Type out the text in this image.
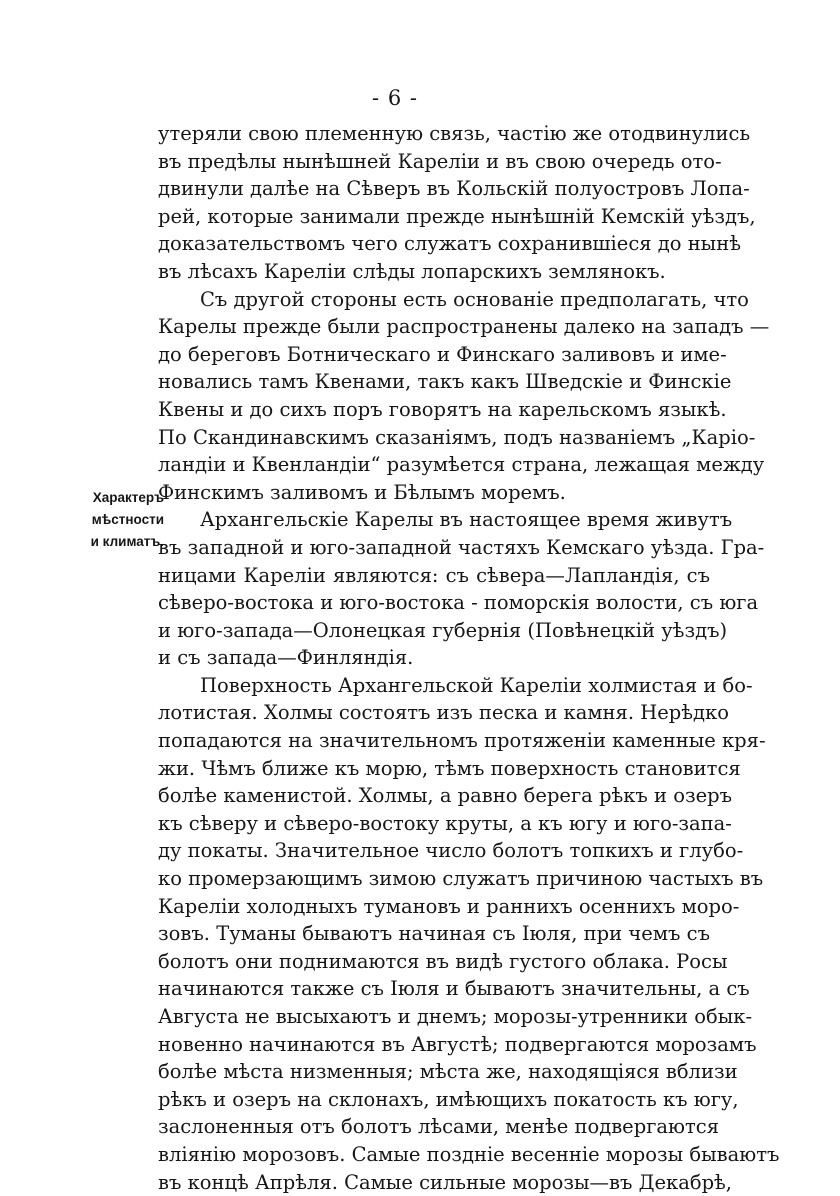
- 6 -
Характеръ
мѣстности
и климатъ.
утеряли свою племенную связь, частію же отодвинулись
въ предѣлы нынѣшней Кареліи и въ свою очередь ото-
двинули далѣе на Сѣверъ въ Кольскій полуостровъ Лопа-
рей, которые занимали прежде нынѣшній Кемскій уѣздъ,
доказательствомъ чего служатъ сохранившіеся до нынѣ
въ лѣсахъ Кареліи слѣды лопарскихъ землянокъ.
Съ другой стороны есть основаніе предполагать, что
Карелы прежде были распространены далеко на западъ —
до береговъ Ботническаго и Финскаго заливовъ и име-
новались тамъ Квенами, такъ какъ Шведскіе и Финскіе
Квены и до сихъ поръ говорятъ на карельскомъ языкѣ.
По Скандинавскимъ сказаніямъ, подъ названіемъ „Каріо-
ландіи и Квенландіи“ разумѣется страна, лежащая между
Финскимъ заливомъ и Бѣлымъ моремъ.
Архангельскіе Карелы въ настоящее время живутъ
въ западной и юго-западной частяхъ Кемскаго уѣзда. Гра-
ницами Кареліи являются: съ сѣвера—Лапландія, съ
сѣверо-востока и юго-востока - поморскія волости, съ юга
и юго-запада—Олонецкая губернія (Повѣнецкій уѣздъ)
и съ запада—Финляндія.
Поверхность Архангельской Кареліи холмистая и бо-
лотистая. Холмы состоятъ изъ песка и камня. Нерѣдко
попадаются на значительномъ протяженіи каменные кря-
жи. Чѣмъ ближе къ морю, тѣмъ поверхность становится
болѣе каменистой. Холмы, а равно берега рѣкъ и озеръ
къ сѣверу и сѣверо-востоку круты, а къ югу и юго-запа-
ду покаты. Значительное число болотъ топкихъ и глубо-
ко промерзающимъ зимою служатъ причиною частыхъ въ
Кареліи холодныхъ тумановъ и раннихъ осеннихъ моро-
зовъ. Туманы бываютъ начиная съ Іюля, при чемъ съ
болотъ они поднимаются въ видѣ густого облака. Росы
начинаются также съ Іюля и бываютъ значительны, а съ
Августа не высыхаютъ и днемъ; морозы-утренники обык-
новенно начинаются въ Августѣ; подвергаются морозамъ
болѣе мѣста низменныя; мѣста же, находящіяся вблизи
рѣкъ и озеръ на склонахъ, имѣющихъ покатость къ югу,
заслоненныя отъ болотъ лѣсами, менѣе подвергаются
вліянію морозовъ. Самые поздніе весенніе морозы бываютъ
въ концѣ Апрѣля. Самые сильные морозы—въ Декабрѣ,
